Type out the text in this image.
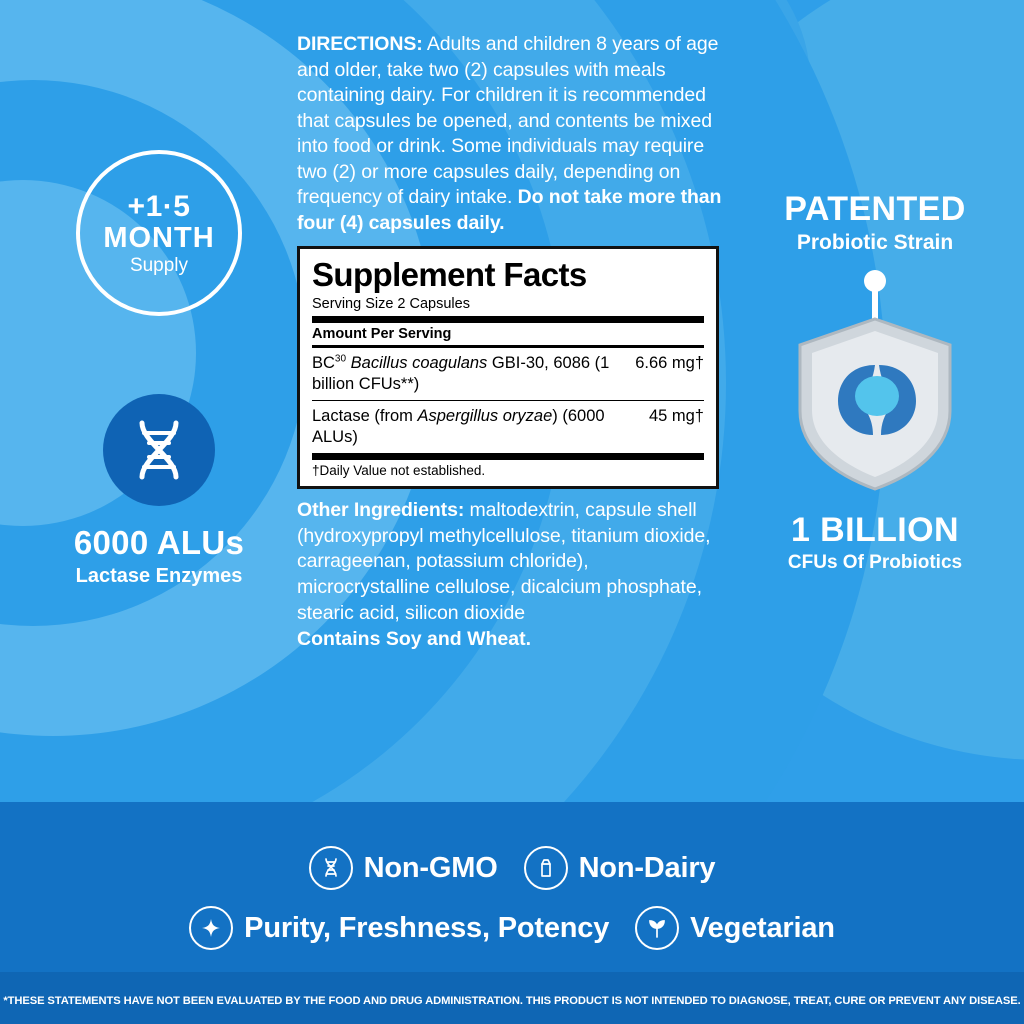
+1·5
MONTH
Supply
6000 ALUs
Lactase Enzymes
PATENTED
Probiotic Strain
1 BILLION
CFUs Of Probiotics
DIRECTIONS: Adults and children 8 years of age and older, take two (2) capsules with meals containing dairy. For children it is recommended that capsules be opened, and contents be mixed into food or drink. Some individuals may require two (2) or more capsules daily, depending on frequency of dairy intake. Do not take more than four (4) capsules daily.
Supplement Facts
Serving Size 2 Capsules
Amount Per Serving
BC$^{30}$ Bacillus coagulans GBI-30, 6086 (1 billion CFUs**)
6.66 mg†
Lactase (from Aspergillus oryzae) (6000 ALUs)
45 mg†
†Daily Value not established.
Other Ingredients: maltodextrin, capsule shell (hydroxypropyl methylcellulose, titanium dioxide, carrageenan, potassium chloride), microcrystalline cellulose, dicalcium phosphate, stearic acid, silicon dioxide
Contains Soy and Wheat.
Non-GMO	Non-Dairy
Purity, Freshness, Potency	Vegetarian
*THESE STATEMENTS HAVE NOT BEEN EVALUATED BY THE FOOD AND DRUG ADMINISTRATION. THIS PRODUCT IS NOT INTENDED TO DIAGNOSE, TREAT, CURE OR PREVENT ANY DISEASE.
